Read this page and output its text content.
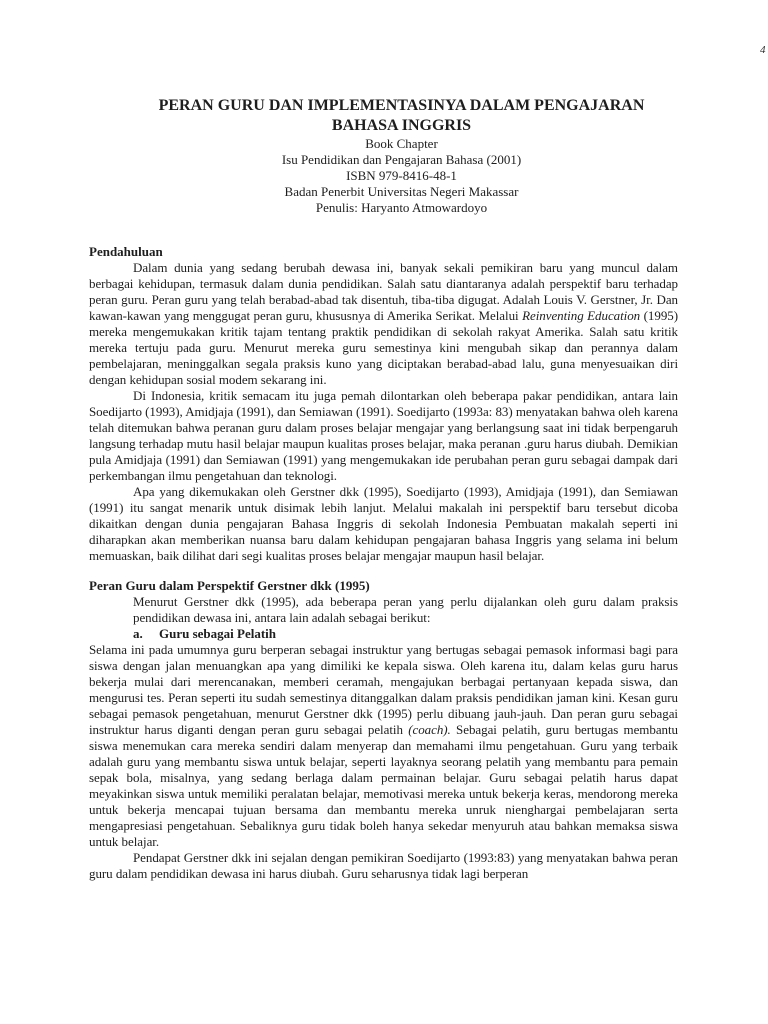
4
PERAN GURU DAN IMPLEMENTASINYA DALAM PENGAJARAN
BAHASA INGGRIS
Book Chapter
Isu Pendidikan dan Pengajaran Bahasa (2001)
ISBN 979-8416-48-1
Badan Penerbit Universitas Negeri Makassar
Penulis: Haryanto Atmowardoyo
Pendahuluan

Dalam dunia yang sedang berubah dewasa ini, banyak sekali pemikiran baru yang muncul dalam berbagai kehidupan, termasuk dalam dunia pendidikan. Salah satu diantaranya adalah perspektif baru terhadap peran guru. Peran guru yang telah berabad-abad tak disentuh, tiba-tiba digugat. Adalah Louis V. Gerstner, Jr. Dan kawan-kawan yang menggugat peran guru, khususnya di Amerika Serikat. Melalui Reinventing Education (1995) mereka mengemukakan kritik tajam tentang praktik pendidikan di sekolah rakyat Amerika. Salah satu kritik mereka tertuju pada guru. Menurut mereka guru semestinya kini mengubah sikap dan perannya dalam pembelajaran, meninggalkan segala praksis kuno yang diciptakan berabad-abad lalu, guna menyesuaikan diri dengan kehidupan sosial modem sekarang ini.

Di Indonesia, kritik semacam itu juga pemah dilontarkan oleh beberapa pakar pendidikan, antara lain Soedijarto (1993), Amidjaja (1991), dan Semiawan (1991). Soedijarto (1993a: 83) menyatakan bahwa oleh karena telah ditemukan bahwa peranan guru dalam proses belajar mengajar yang berlangsung saat ini tidak berpengaruh langsung terhadap mutu hasil belajar maupun kualitas proses belajar, maka peranan .guru harus diubah. Demikian pula Amidjaja (1991) dan Semiawan (1991) yang mengemukakan ide perubahan peran guru sebagai dampak dari perkembangan ilmu pengetahuan dan teknologi.

Apa yang dikemukakan oleh Gerstner dkk (1995), Soedijarto (1993), Amidjaja (1991), dan Semiawan (1991) itu sangat menarik untuk disimak lebih lanjut. Melalui makalah ini perspektif baru tersebut dicoba dikaitkan dengan dunia pengajaran Bahasa Inggris di sekolah Indonesia Pembuatan makalah seperti ini diharapkan akan memberikan nuansa baru dalam kehidupan pengajaran bahasa Inggris yang selama ini belum memuaskan, baik dilihat dari segi kualitas proses belajar mengajar maupun hasil belajar.

Peran Guru dalam Perspektif Gerstner dkk (1995)

Menurut Gerstner dkk (1995), ada beberapa peran yang perlu dijalankan oleh guru dalam praksis pendidikan dewasa ini, antara lain adalah sebagai berikut:

a. Guru sebagai Pelatih

Selama ini pada umumnya guru berperan sebagai instruktur yang bertugas sebagai pemasok informasi bagi para siswa dengan jalan menuangkan apa yang dimiliki ke kepala siswa. Oleh karena itu, dalam kelas guru harus bekerja mulai dari merencanakan, memberi ceramah, mengajukan berbagai pertanyaan kepada siswa, dan mengurusi tes. Peran seperti itu sudah semestinya ditanggalkan dalam praksis pendidikan jaman kini. Kesan guru sebagai pemasok pengetahuan, menurut Gerstner dkk (1995) perlu dibuang jauh-jauh. Dan peran guru sebagai instruktur harus diganti dengan peran guru sebagai pelatih (coach). Sebagai pelatih, guru bertugas membantu siswa menemukan cara mereka sendiri dalam menyerap dan memahami ilmu pengetahuan. Guru yang terbaik adalah guru yang membantu siswa untuk belajar, seperti layaknya seorang pelatih yang membantu para pemain sepak bola, misalnya, yang sedang berlaga dalam permainan belajar. Guru sebagai pelatih harus dapat meyakinkan siswa untuk memiliki peralatan belajar, memotivasi mereka untuk bekerja keras, mendorong mereka untuk bekerja mencapai tujuan bersama dan membantu mereka unruk nienghargai pembelajaran serta mengapresiasi pengetahuan. Sebaliknya guru tidak boleh hanya sekedar menyuruh atau bahkan memaksa siswa untuk belajar.

Pendapat Gerstner dkk ini sejalan dengan pemikiran Soedijarto (1993:83) yang menyatakan bahwa peran guru dalam pendidikan dewasa ini harus diubah. Guru seharusnya tidak lagi berperan
